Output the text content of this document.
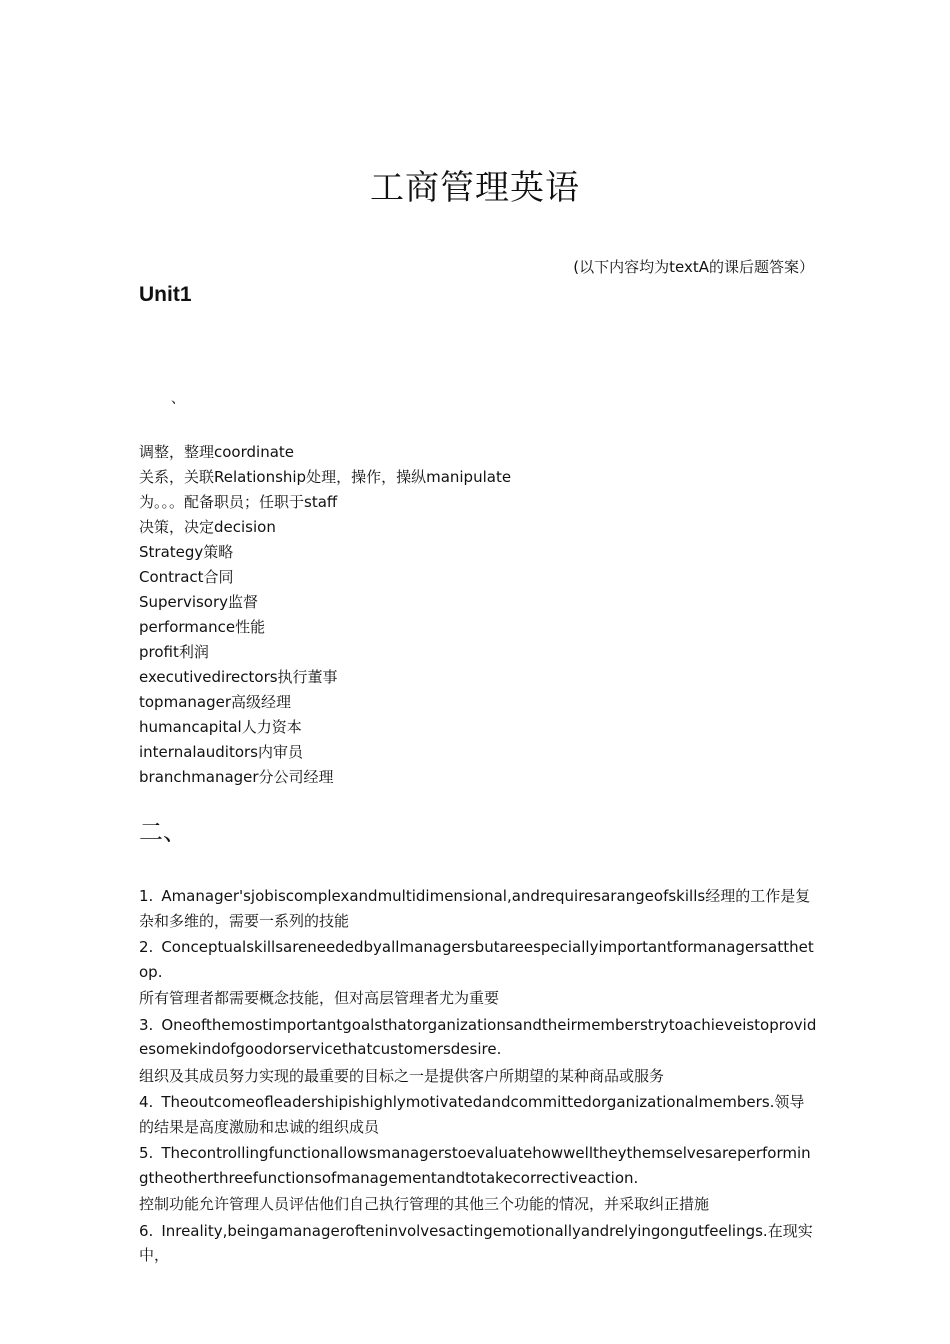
工商管理英语
(以下内容均为textA的课后题答案）
Unit1
、
调整，整理coordinate
关系，关联Relationship处理，操作，操纵manipulate
为。。。配备职员；任职于staff
决策，决定decision
Strategy策略
Contract合同
Supervisory监督
performance性能
profit利润
executivedirectors执行董事
topmanager高级经理
humancapital人力资本
internalauditors内审员
branchmanager分公司经理
二、
1. Amanager'sjobiscomplexandmultidimensional,andrequiresarangeofskills经理的工作是复杂和多维的，需要一系列的技能
2. Conceptualskillsareneededbyallmanagersbutareespeciallyimportantformanagersatthetop.
所有管理者都需要概念技能，但对高层管理者尤为重要
3. Oneofthemostimportantgoalsthatorganizationsandtheirmemberstrytoachieveistoprovidesomekindofgoodorservicethatcustomersdesire.
组织及其成员努力实现的最重要的目标之一是提供客户所期望的某种商品或服务
4. Theoutcomeofleadershipishighlymotivatedandcommittedorganizationalmembers.领导的结果是高度激励和忠诚的组织成员
5. Thecontrollingfunctionallowsmanagerstoevaluatehowwelltheythemselvesareperformingtheotherthreefunctionsofmanagementandtotakecorrectiveaction.
控制功能允许管理人员评估他们自己执行管理的其他三个功能的情况，并采取纠正措施
6. Inreality,beingamanagerofteninvolvesactingemotionallyandrelyingongutfeelings.在现实中，
